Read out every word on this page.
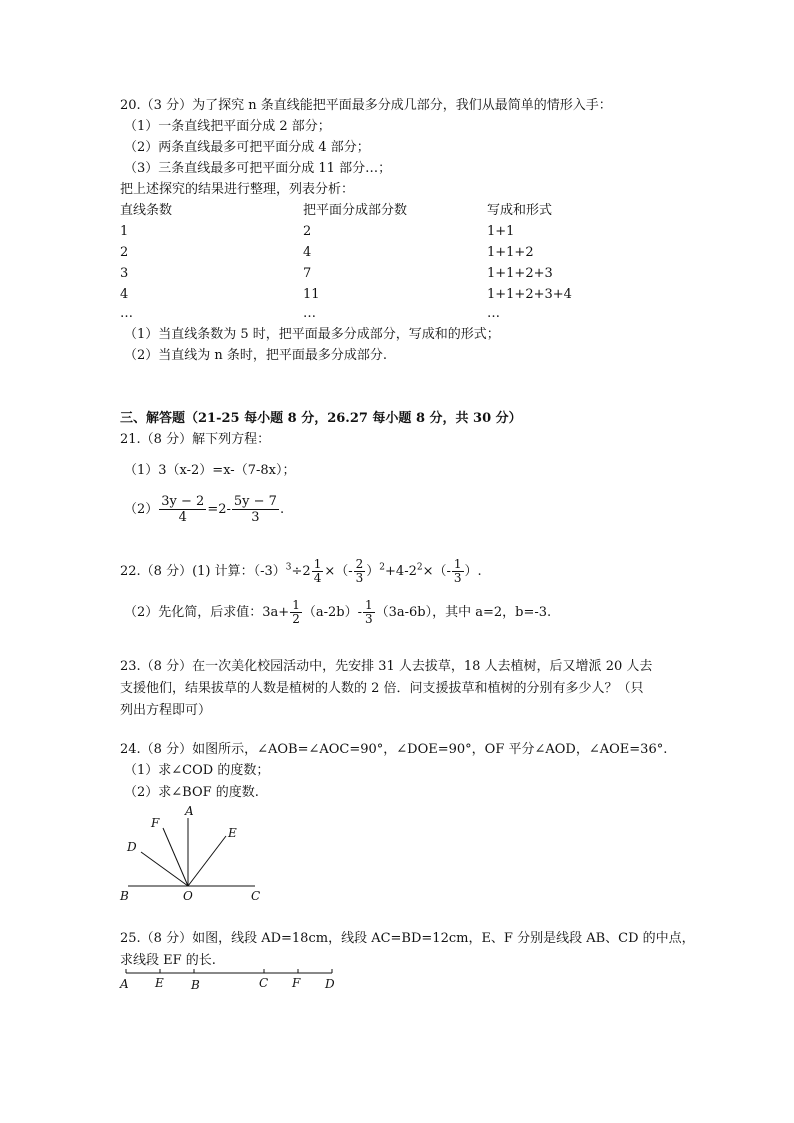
20.（3 分）为了探究 n 条直线能把平面最多分成几部分，我们从最简单的情形入手：
（1）一条直线把平面分成 2 部分；
（2）两条直线最多可把平面分成 4 部分；
（3）三条直线最多可把平面分成 11 部分…；
把上述探究的结果进行整理，列表分析：
直线条数	把平面分成部分数	写成和形式
1	2	1+1
2	4	1+1+2
3	7	1+1+2+3
4	11	1+1+2+3+4
…	…	…
（1）当直线条数为 5 时，把平面最多分成部分，写成和的形式；
（2）当直线为 n 条时，把平面最多分成部分.
三、解答题（21-25 每小题 8 分，26.27 每小题 8 分，共 30 分）
21.（8 分）解下列方程：
（1）3（x-2）=x-（7-8x）；
$(2) \frac{3y - 2}{4} =2- \frac{5y - 7}{3}$ .
22.（8 分）(1) 计算：$(-3)^3\div 2 \frac{1}{4}$ ×（- $\frac{2}{3} )^2+4-2^2\times(- \frac{1}{3}$ ）.
（2）先化简，后求值：$3a+ \frac{1}{2} (a-2b)- \frac{1}{3} (3a-6b)$，其中 a=2，b=-3.
23.（8 分）在一次美化校园活动中，先安排 31 人去拔草，18 人去植树，后又增派 20 人去
支援他们，结果拔草的人数是植树的人数的 2 倍．问支援拔草和植树的分别有多少人？（只
列出方程即可）
24.（8 分）如图所示，∠AOB=∠AOC=90°，∠DOE=90°，OF 平分∠AOD，∠AOE=36°.
（1）求∠COD 的度数；
（2）求∠BOF 的度数.
A
F
E
D
B	O	C
25.（8 分）如图，线段 AD=18cm，线段 AC=BD=12cm，E、F 分别是线段 AB、CD 的中点，
求线段 EF 的长.
A E B	C F D
